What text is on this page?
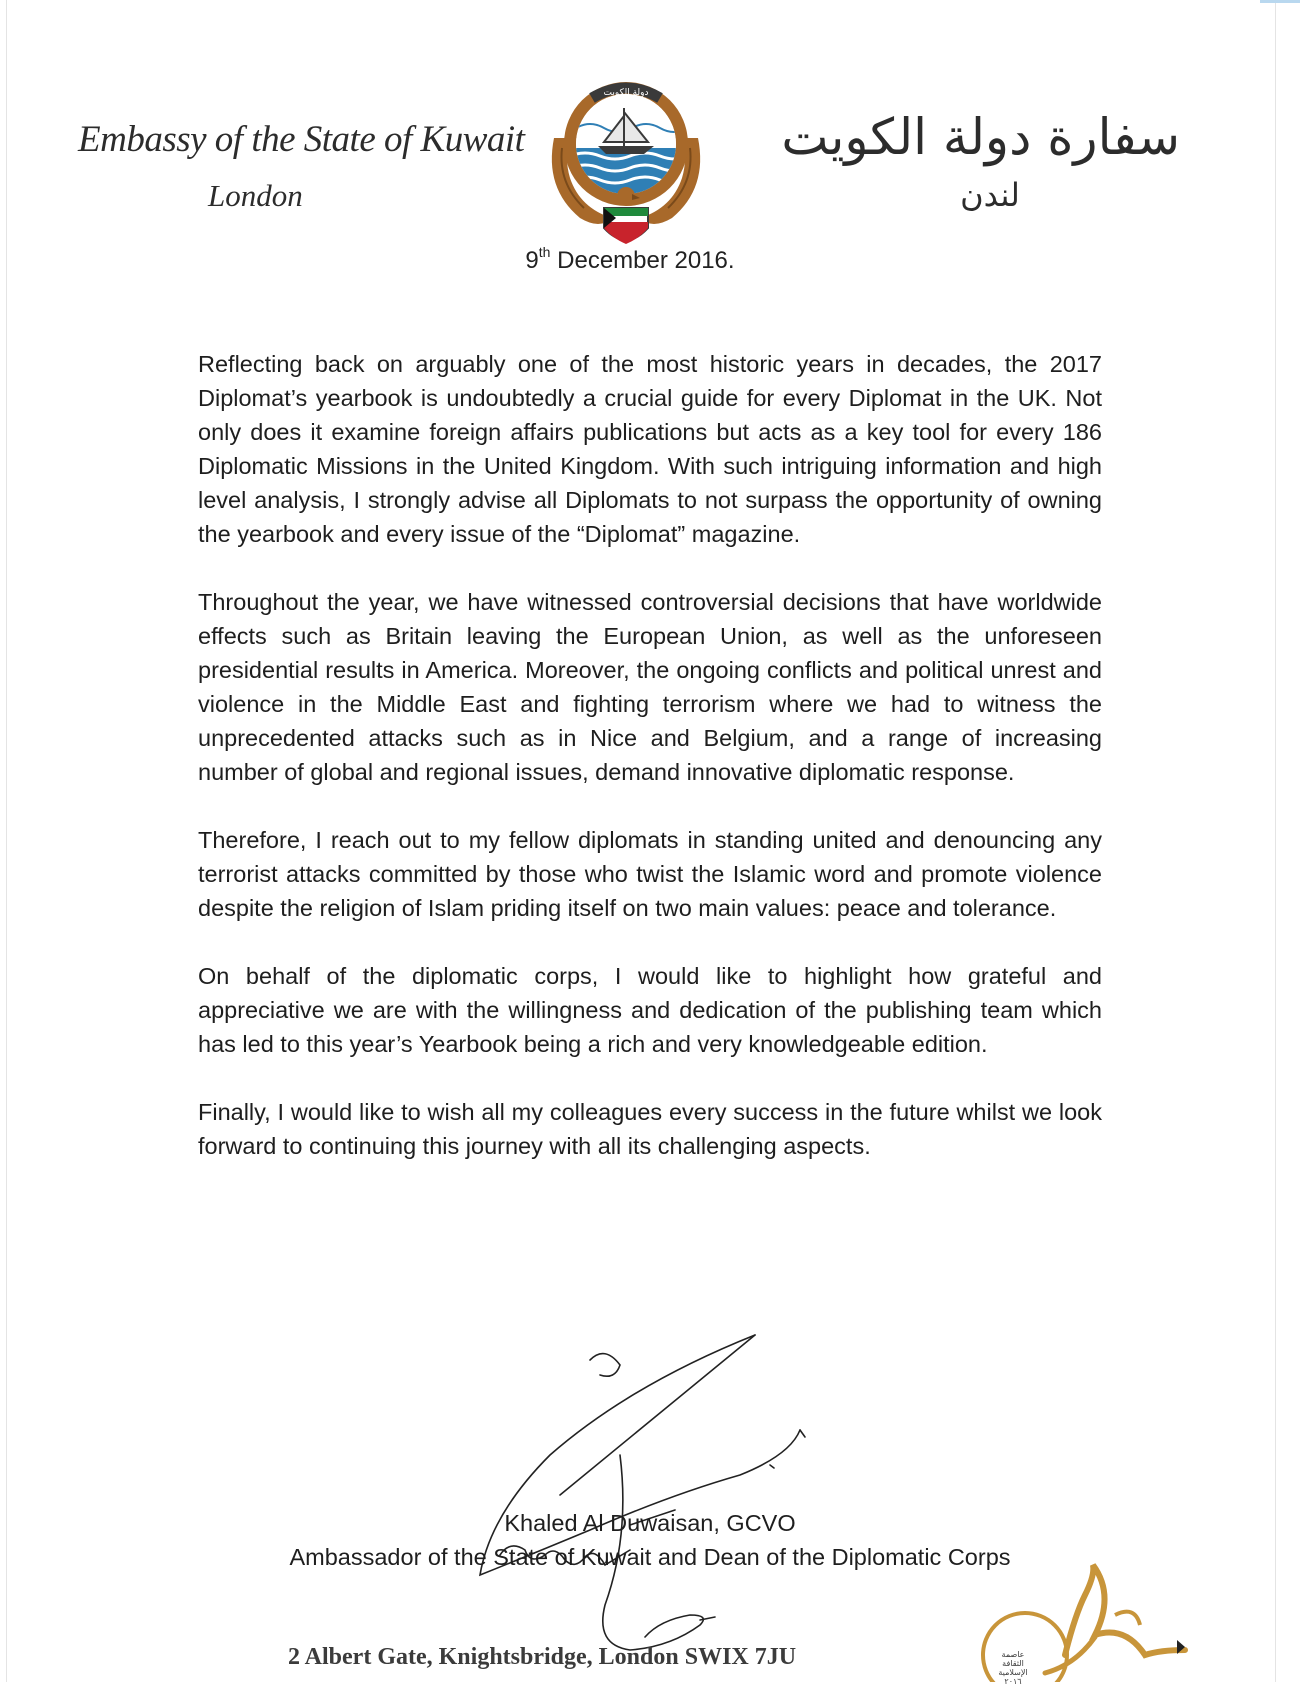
Embassy of the State of Kuwait
London
سفارة دولة الكويت
لندن
دولة الكويت
9th December 2016.

Reflecting back on arguably one of the most historic years in decades, the 2017 Diplomat’s yearbook is undoubtedly a crucial guide for every Diplomat in the UK. Not only does it examine foreign affairs publications but acts as a key tool for every 186 Diplomatic Missions in the United Kingdom. With such intriguing information and high level analysis, I strongly advise all Diplomats to not surpass the opportunity of owning the yearbook and every issue of the “Diplomat” magazine.

Throughout the year, we have witnessed controversial decisions that have worldwide effects such as Britain leaving the European Union, as well as the unforeseen presidential results in America. Moreover, the ongoing conflicts and political unrest and violence in the Middle East and fighting terrorism where we had to witness the unprecedented attacks such as in Nice and Belgium, and a range of increasing number of global and regional issues, demand innovative diplomatic response.

Therefore, I reach out to my fellow diplomats in standing united and denouncing any terrorist attacks committed by those who twist the Islamic word and promote violence despite the religion of Islam priding itself on two main values: peace and tolerance.

On behalf of the diplomatic corps, I would like to highlight how grateful and appreciative we are with the willingness and dedication of the publishing team which has led to this year’s Yearbook being a rich and very knowledgeable edition.

Finally, I would like to wish all my colleagues every success in the future whilst we look forward to continuing this journey with all its challenging aspects.

Khaled Al Duwaisan, GCVO
Ambassador of the State of Kuwait and Dean of the Diplomatic Corps
2 Albert Gate, Knightsbridge, London SWIX 7JU	عاصمة الثقافة الإسلامية ٢٠١٦
